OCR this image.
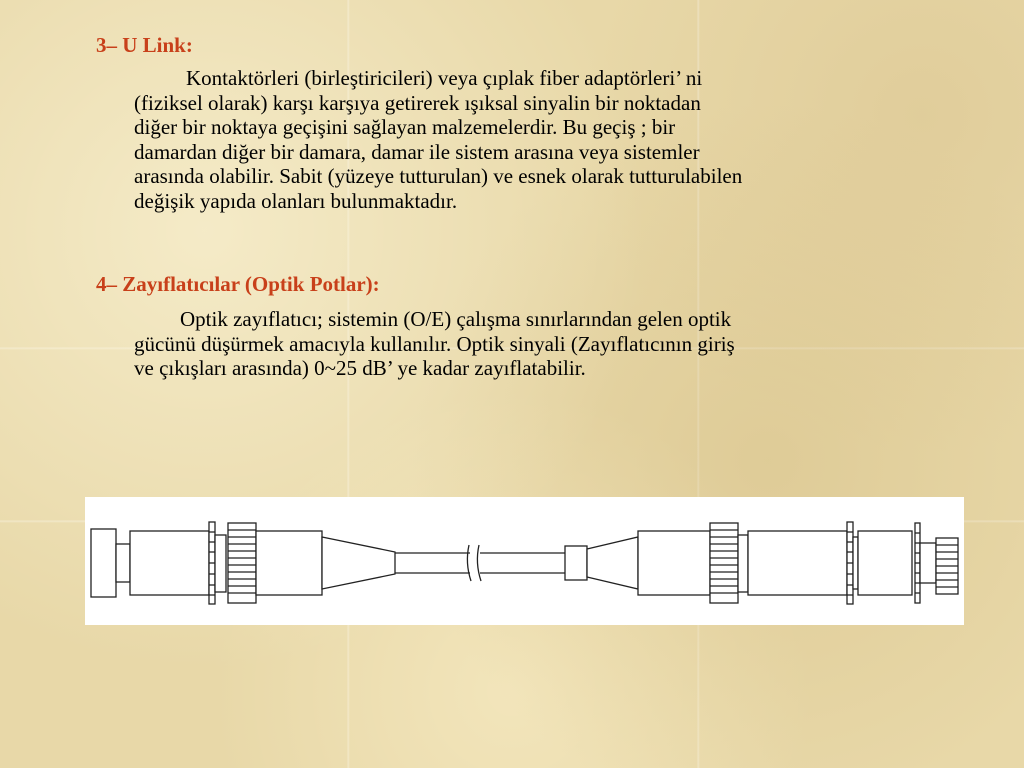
3– U Link:
Kontaktörleri (birleştiricileri) veya çıplak fiber adaptörleri’ ni
(fiziksel olarak) karşı karşıya getirerek ışıksal sinyalin bir noktadan
diğer bir noktaya geçişini sağlayan malzemelerdir. Bu geçiş ; bir
damardan diğer bir damara, damar ile sistem arasına veya sistemler
arasında olabilir. Sabit (yüzeye tutturulan) ve esnek olarak tutturulabilen
değişik yapıda olanları bulunmaktadır.
4– Zayıflatıcılar (Optik Potlar):
Optik zayıflatıcı; sistemin (O/E) çalışma sınırlarından gelen optik
gücünü düşürmek amacıyla kullanılır. Optik sinyali (Zayıflatıcının giriş
ve çıkışları arasında) 0~25 dB’ ye kadar zayıflatabilir.
